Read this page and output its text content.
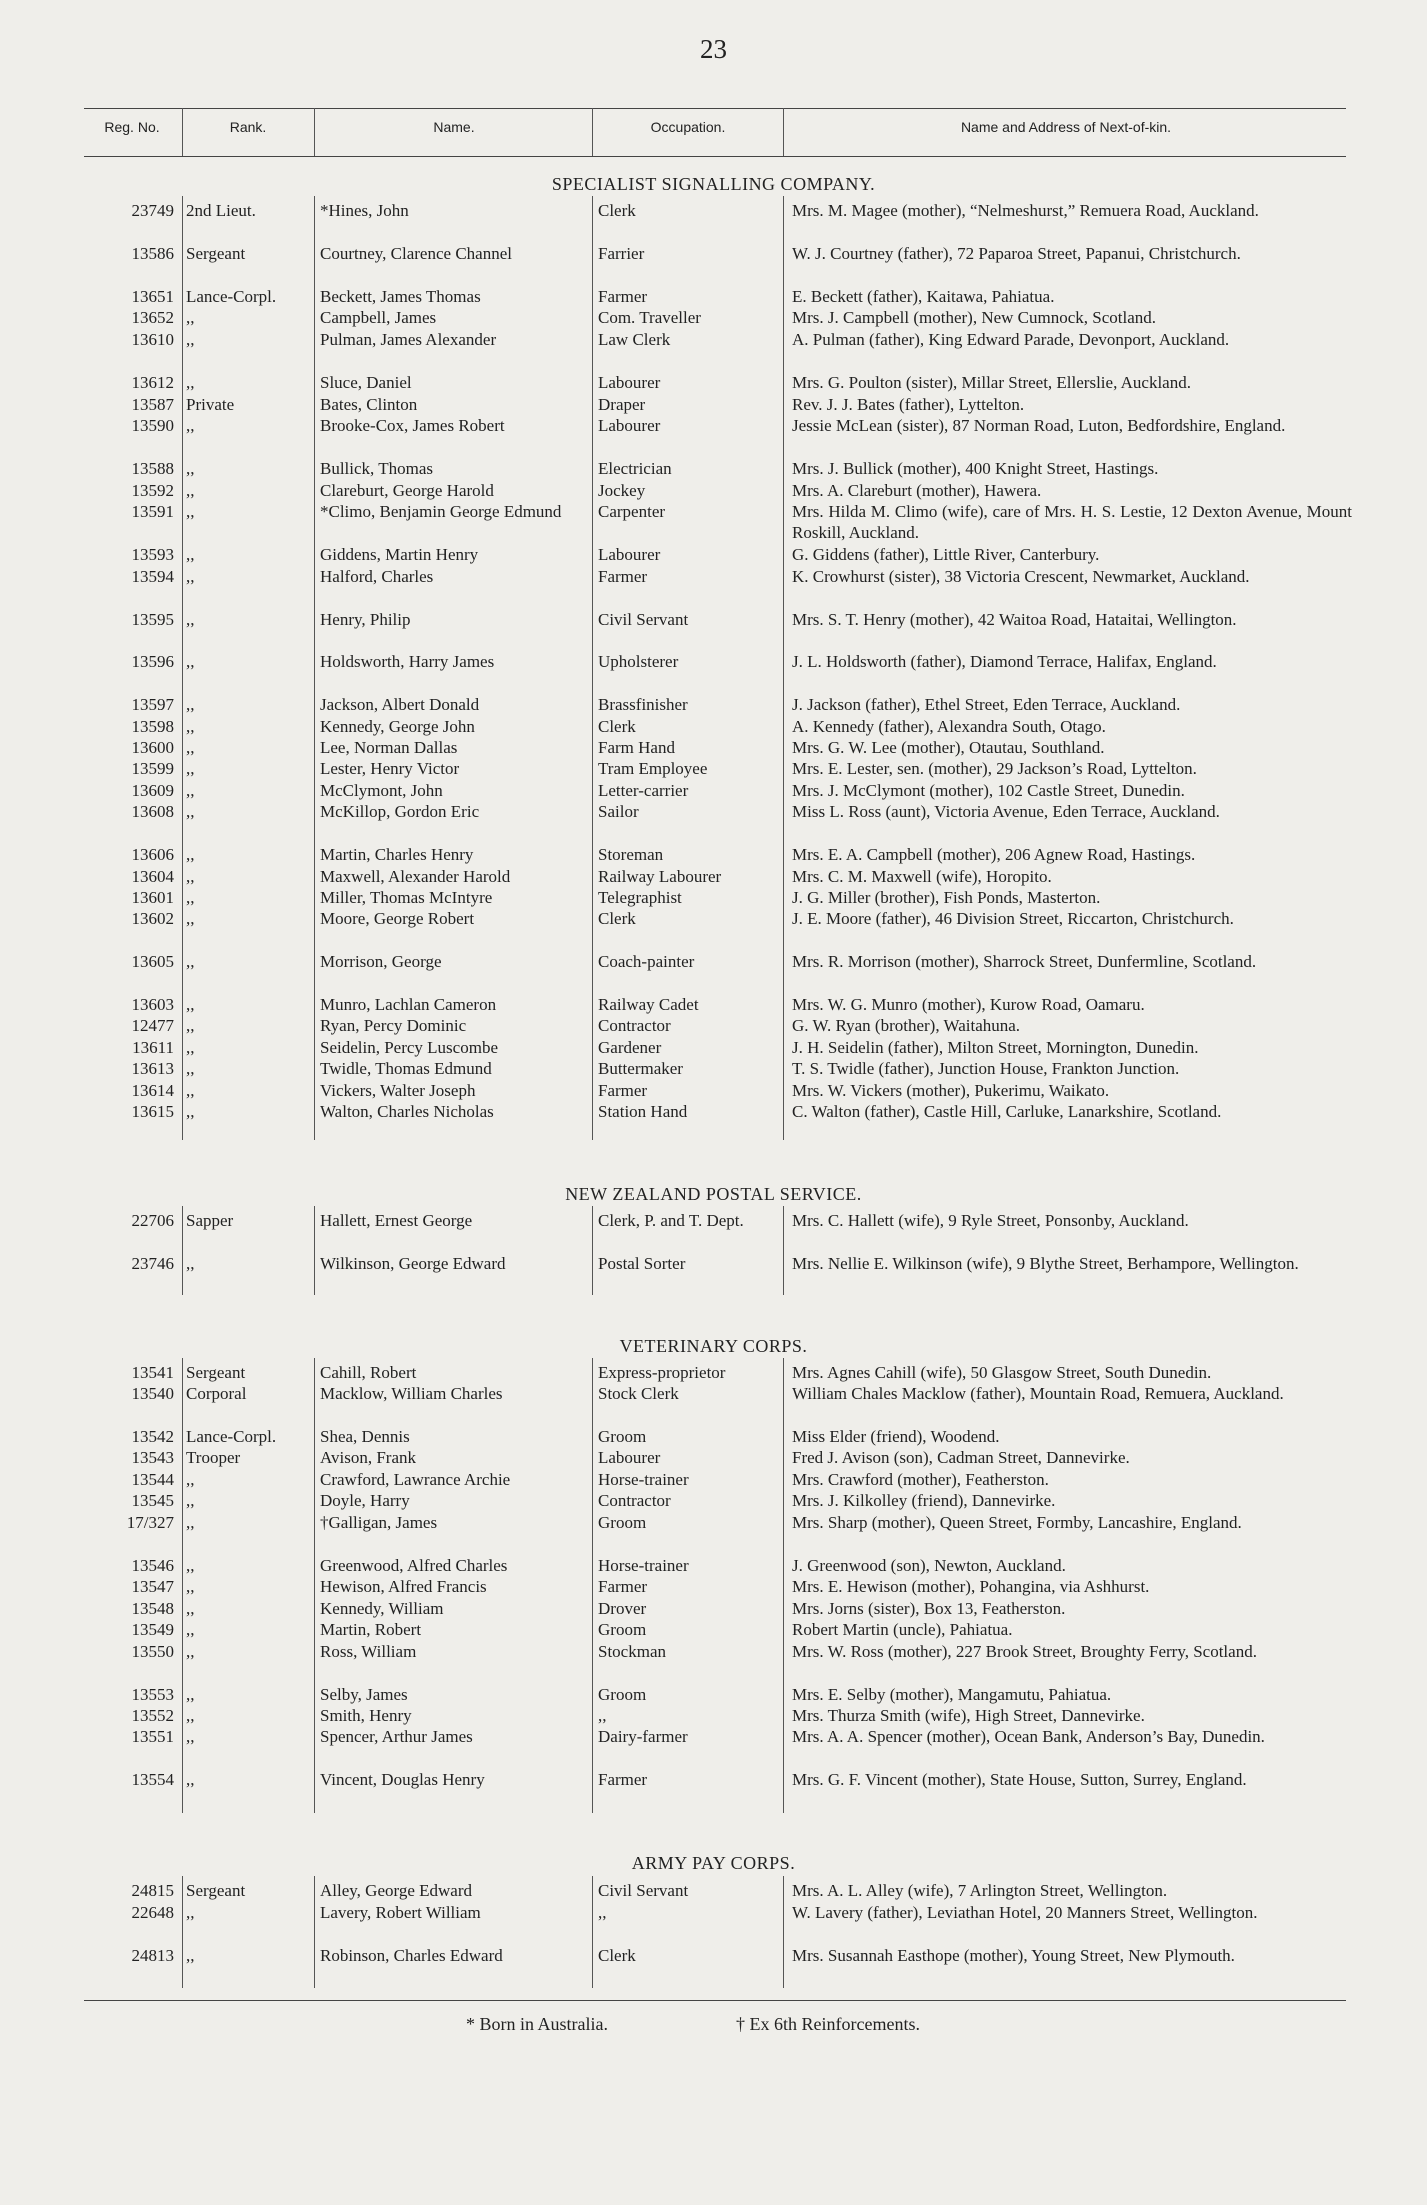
23
Reg. No.	Rank.	Name.	Occupation.	Name and Address of Next-of-kin.
SPECIALIST SIGNALLING COMPANY.
23749 2nd Lieut.	*Hines, John	Clerk	Mrs. M. Magee (mother), “Nelmeshurst,” Remuera Road, Auckland.
13586 Sergeant	Courtney, Clarence Channel	Farrier	W. J. Courtney (father), 72 Paparoa Street, Papanui, Christchurch.
13651 Lance-Corpl.	Beckett, James Thomas	Farmer	E. Beckett (father), Kaitawa, Pahiatua.
13652 ,,	Campbell, James	Com. Traveller	Mrs. J. Campbell (mother), New Cumnock, Scotland.
13610 ,,	Pulman, James Alexander	Law Clerk	A. Pulman (father), King Edward Parade, Devonport, Auckland.
13612 ,,	Sluce, Daniel	Labourer	Mrs. G. Poulton (sister), Millar Street, Ellerslie, Auckland.
13587 Private	Bates, Clinton	Draper	Rev. J. J. Bates (father), Lyttelton.
13590 ,,	Brooke-Cox, James Robert	Labourer	Jessie McLean (sister), 87 Norman Road, Luton, Bedfordshire, England.
13588 ,,	Bullick, Thomas	Electrician	Mrs. J. Bullick (mother), 400 Knight Street, Hastings.
13592 ,,	Clareburt, George Harold	Jockey	Mrs. A. Clareburt (mother), Hawera.
13591 ,,	*Climo, Benjamin George Edmund	Carpenter	Mrs. Hilda M. Climo (wife), care of Mrs. H. S. Lestie, 12 Dexton Avenue, Mount Roskill, Auckland.
13593 ,,	Giddens, Martin Henry	Labourer	G. Giddens (father), Little River, Canterbury.
13594 ,,	Halford, Charles	Farmer	K. Crowhurst (sister), 38 Victoria Crescent, Newmarket, Auckland.
13595 ,,	Henry, Philip	Civil Servant	Mrs. S. T. Henry (mother), 42 Waitoa Road, Hataitai, Wellington.
13596 ,,	Holdsworth, Harry James	Upholsterer	J. L. Holdsworth (father), Diamond Terrace, Halifax, England.
13597 ,,	Jackson, Albert Donald	Brassfinisher	J. Jackson (father), Ethel Street, Eden Terrace, Auckland.
13598 ,,	Kennedy, George John	Clerk	A. Kennedy (father), Alexandra South, Otago.
13600 ,,	Lee, Norman Dallas	Farm Hand	Mrs. G. W. Lee (mother), Otautau, Southland.
13599 ,,	Lester, Henry Victor	Tram Employee	Mrs. E. Lester, sen. (mother), 29 Jackson’s Road, Lyttelton.
13609 ,,	McClymont, John	Letter-carrier	Mrs. J. McClymont (mother), 102 Castle Street, Dunedin.
13608 ,,	McKillop, Gordon Eric	Sailor	Miss L. Ross (aunt), Victoria Avenue, Eden Terrace, Auckland.
13606 ,,	Martin, Charles Henry	Storeman	Mrs. E. A. Campbell (mother), 206 Agnew Road, Hastings.
13604 ,,	Maxwell, Alexander Harold	Railway Labourer	Mrs. C. M. Maxwell (wife), Horopito.
13601 ,,	Miller, Thomas McIntyre	Telegraphist	J. G. Miller (brother), Fish Ponds, Masterton.
13602 ,,	Moore, George Robert	Clerk	J. E. Moore (father), 46 Division Street, Riccarton, Christchurch.
13605 ,,	Morrison, George	Coach-painter	Mrs. R. Morrison (mother), Sharrock Street, Dunfermline, Scotland.
13603 ,,	Munro, Lachlan Cameron	Railway Cadet	Mrs. W. G. Munro (mother), Kurow Road, Oamaru.
12477 ,,	Ryan, Percy Dominic	Contractor	G. W. Ryan (brother), Waitahuna.
13611 ,,	Seidelin, Percy Luscombe	Gardener	J. H. Seidelin (father), Milton Street, Mornington, Dunedin.
13613 ,,	Twidle, Thomas Edmund	Buttermaker	T. S. Twidle (father), Junction House, Frankton Junction.
13614 ,,	Vickers, Walter Joseph	Farmer	Mrs. W. Vickers (mother), Pukerimu, Waikato.
13615 ,,	Walton, Charles Nicholas	Station Hand	C. Walton (father), Castle Hill, Carluke, Lanarkshire, Scotland.
NEW ZEALAND POSTAL SERVICE.
22706 Sapper	Hallett, Ernest George	Clerk, P. and T. Dept.	Mrs. C. Hallett (wife), 9 Ryle Street, Ponsonby, Auckland.
23746 ,,	Wilkinson, George Edward	Postal Sorter	Mrs. Nellie E. Wilkinson (wife), 9 Blythe Street, Berhampore, Wellington.
VETERINARY CORPS.
13541 Sergeant	Cahill, Robert	Express-proprietor	Mrs. Agnes Cahill (wife), 50 Glasgow Street, South Dunedin.
13540 Corporal	Macklow, William Charles	Stock Clerk	William Chales Macklow (father), Mountain Road, Remuera, Auckland.
13542 Lance-Corpl.	Shea, Dennis	Groom	Miss Elder (friend), Woodend.
13543 Trooper	Avison, Frank	Labourer	Fred J. Avison (son), Cadman Street, Dannevirke.
13544 ,,	Crawford, Lawrance Archie	Horse-trainer	Mrs. Crawford (mother), Featherston.
13545 ,,	Doyle, Harry	Contractor	Mrs. J. Kilkolley (friend), Dannevirke.
17/327 ,,	†Galligan, James	Groom	Mrs. Sharp (mother), Queen Street, Formby, Lancashire, England.
13546 ,,	Greenwood, Alfred Charles	Horse-trainer	J. Greenwood (son), Newton, Auckland.
13547 ,,	Hewison, Alfred Francis	Farmer	Mrs. E. Hewison (mother), Pohangina, via Ashhurst.
13548 ,,	Kennedy, William	Drover	Mrs. Jorns (sister), Box 13, Featherston.
13549 ,,	Martin, Robert	Groom	Robert Martin (uncle), Pahiatua.
13550 ,,	Ross, William	Stockman	Mrs. W. Ross (mother), 227 Brook Street, Broughty Ferry, Scotland.
13553 ,,	Selby, James	Groom	Mrs. E. Selby (mother), Mangamutu, Pahiatua.
13552 ,,	Smith, Henry	,,	Mrs. Thurza Smith (wife), High Street, Dannevirke.
13551 ,,	Spencer, Arthur James	Dairy-farmer	Mrs. A. A. Spencer (mother), Ocean Bank, Anderson’s Bay, Dunedin.
13554 ,,	Vincent, Douglas Henry	Farmer	Mrs. G. F. Vincent (mother), State House, Sutton, Surrey, England.
ARMY PAY CORPS.
24815 Sergeant	Alley, George Edward	Civil Servant	Mrs. A. L. Alley (wife), 7 Arlington Street, Wellington.
22648 ,,	Lavery, Robert William	,,	W. Lavery (father), Leviathan Hotel, 20 Manners Street, Wellington.
24813 ,,	Robinson, Charles Edward	Clerk	Mrs. Susannah Easthope (mother), Young Street, New Plymouth.
* Born in Australia.	† Ex 6th Reinforcements.
